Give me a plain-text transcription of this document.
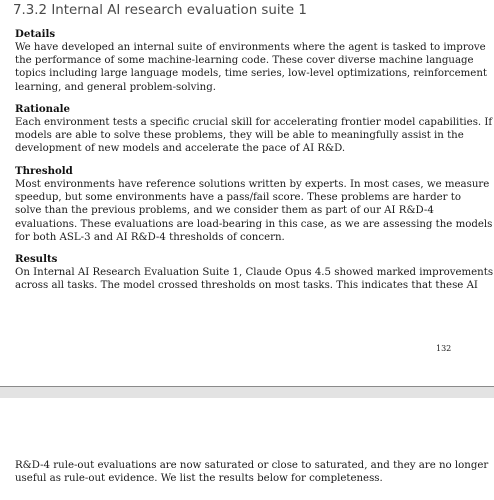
7.3.2 Internal AI research evaluation suite 1
Details
We have developed an internal suite of environments where the agent is tasked to improve
the performance of some machine-learning code. These cover diverse machine language
topics including large language models, time series, low-level optimizations, reinforcement
learning, and general problem-solving.
Rationale
Each environment tests a specific crucial skill for accelerating frontier model capabilities. If
models are able to solve these problems, they will be able to meaningfully assist in the
development of new models and accelerate the pace of AI R&D.
Threshold
Most environments have reference solutions written by experts. In most cases, we measure
speedup, but some environments have a pass/fail score. These problems are harder to
solve than the previous problems, and we consider them as part of our AI R&D-4
evaluations. These evaluations are load-bearing in this case, as we are assessing the models
for both ASL-3 and AI R&D-4 thresholds of concern.
Results
On Internal AI Research Evaluation Suite 1, Claude Opus 4.5 showed marked improvements
across all tasks. The model crossed thresholds on most tasks. This indicates that these AI
132
R&D-4 rule-out evaluations are now saturated or close to saturated, and they are no longer
useful as rule-out evidence. We list the results below for completeness.
